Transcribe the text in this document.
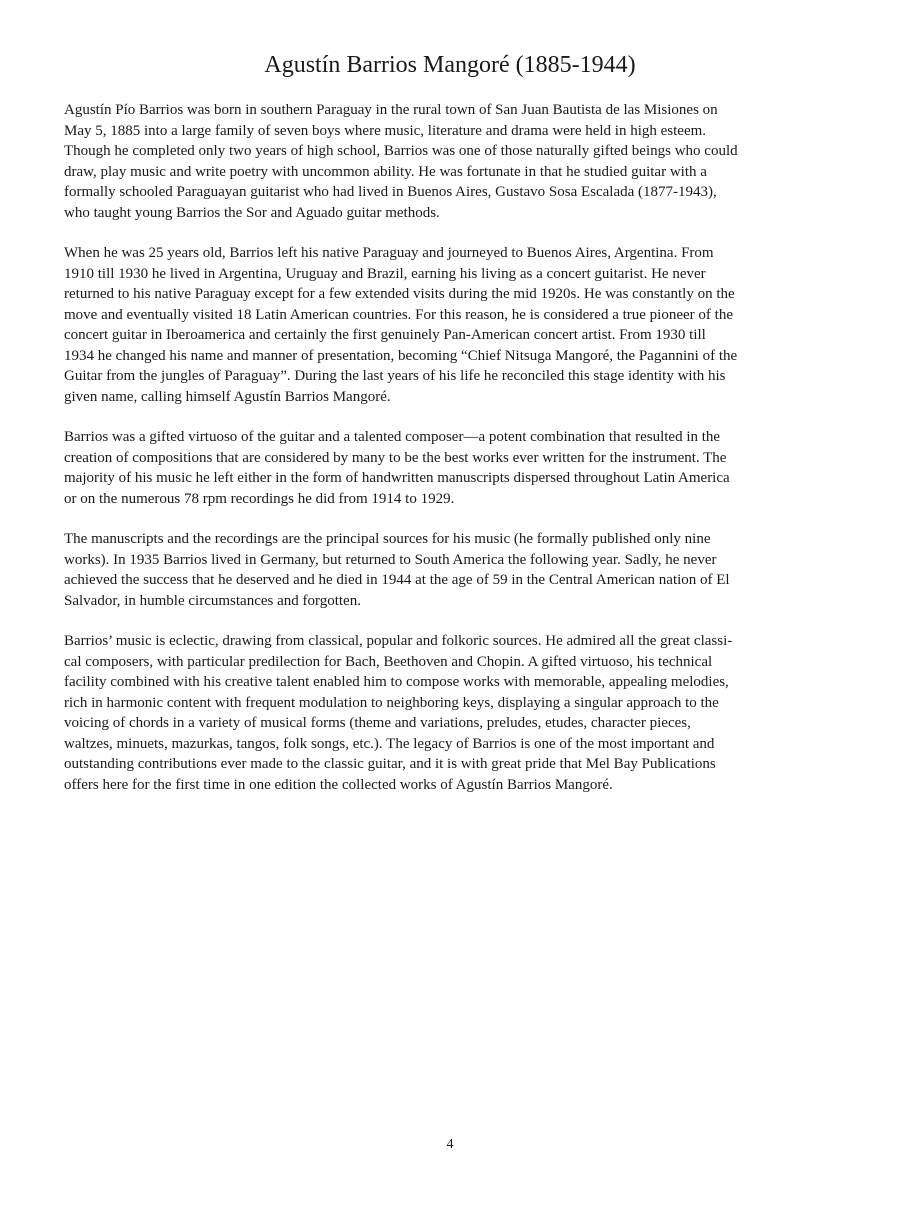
Agustín Barrios Mangoré (1885-1944)

Agustín Pío Barrios was born in southern Paraguay in the rural town of San Juan Bautista de las Misiones on
May 5, 1885 into a large family of seven boys where music, literature and drama were held in high esteem.
Though he completed only two years of high school, Barrios was one of those naturally gifted beings who could
draw, play music and write poetry with uncommon ability. He was fortunate in that he studied guitar with a
formally schooled Paraguayan guitarist who had lived in Buenos Aires, Gustavo Sosa Escalada (1877-1943),
who taught young Barrios the Sor and Aguado guitar methods.

When he was 25 years old, Barrios left his native Paraguay and journeyed to Buenos Aires, Argentina. From
1910 till 1930 he lived in Argentina, Uruguay and Brazil, earning his living as a concert guitarist. He never
returned to his native Paraguay except for a few extended visits during the mid 1920s. He was constantly on the
move and eventually visited 18 Latin American countries. For this reason, he is considered a true pioneer of the
concert guitar in Iberoamerica and certainly the first genuinely Pan-American concert artist. From 1930 till
1934 he changed his name and manner of presentation, becoming “Chief Nitsuga Mangoré, the Pagannini of the
Guitar from the jungles of Paraguay”. During the last years of his life he reconciled this stage identity with his
given name, calling himself Agustín Barrios Mangoré.

Barrios was a gifted virtuoso of the guitar and a talented composer—a potent combination that resulted in the
creation of compositions that are considered by many to be the best works ever written for the instrument. The
majority of his music he left either in the form of handwritten manuscripts dispersed throughout Latin America
or on the numerous 78 rpm recordings he did from 1914 to 1929.

The manuscripts and the recordings are the principal sources for his music (he formally published only nine
works). In 1935 Barrios lived in Germany, but returned to South America the following year. Sadly, he never
achieved the success that he deserved and he died in 1944 at the age of 59 in the Central American nation of El
Salvador, in humble circumstances and forgotten.

Barrios’ music is eclectic, drawing from classical, popular and folkoric sources. He admired all the great classi-
cal composers, with particular predilection for Bach, Beethoven and Chopin. A gifted virtuoso, his technical
facility combined with his creative talent enabled him to compose works with memorable, appealing melodies,
rich in harmonic content with frequent modulation to neighboring keys, displaying a singular approach to the
voicing of chords in a variety of musical forms (theme and variations, preludes, etudes, character pieces,
waltzes, minuets, mazurkas, tangos, folk songs, etc.). The legacy of Barrios is one of the most important and
outstanding contributions ever made to the classic guitar, and it is with great pride that Mel Bay Publications
offers here for the first time in one edition the collected works of Agustín Barrios Mangoré.

4
